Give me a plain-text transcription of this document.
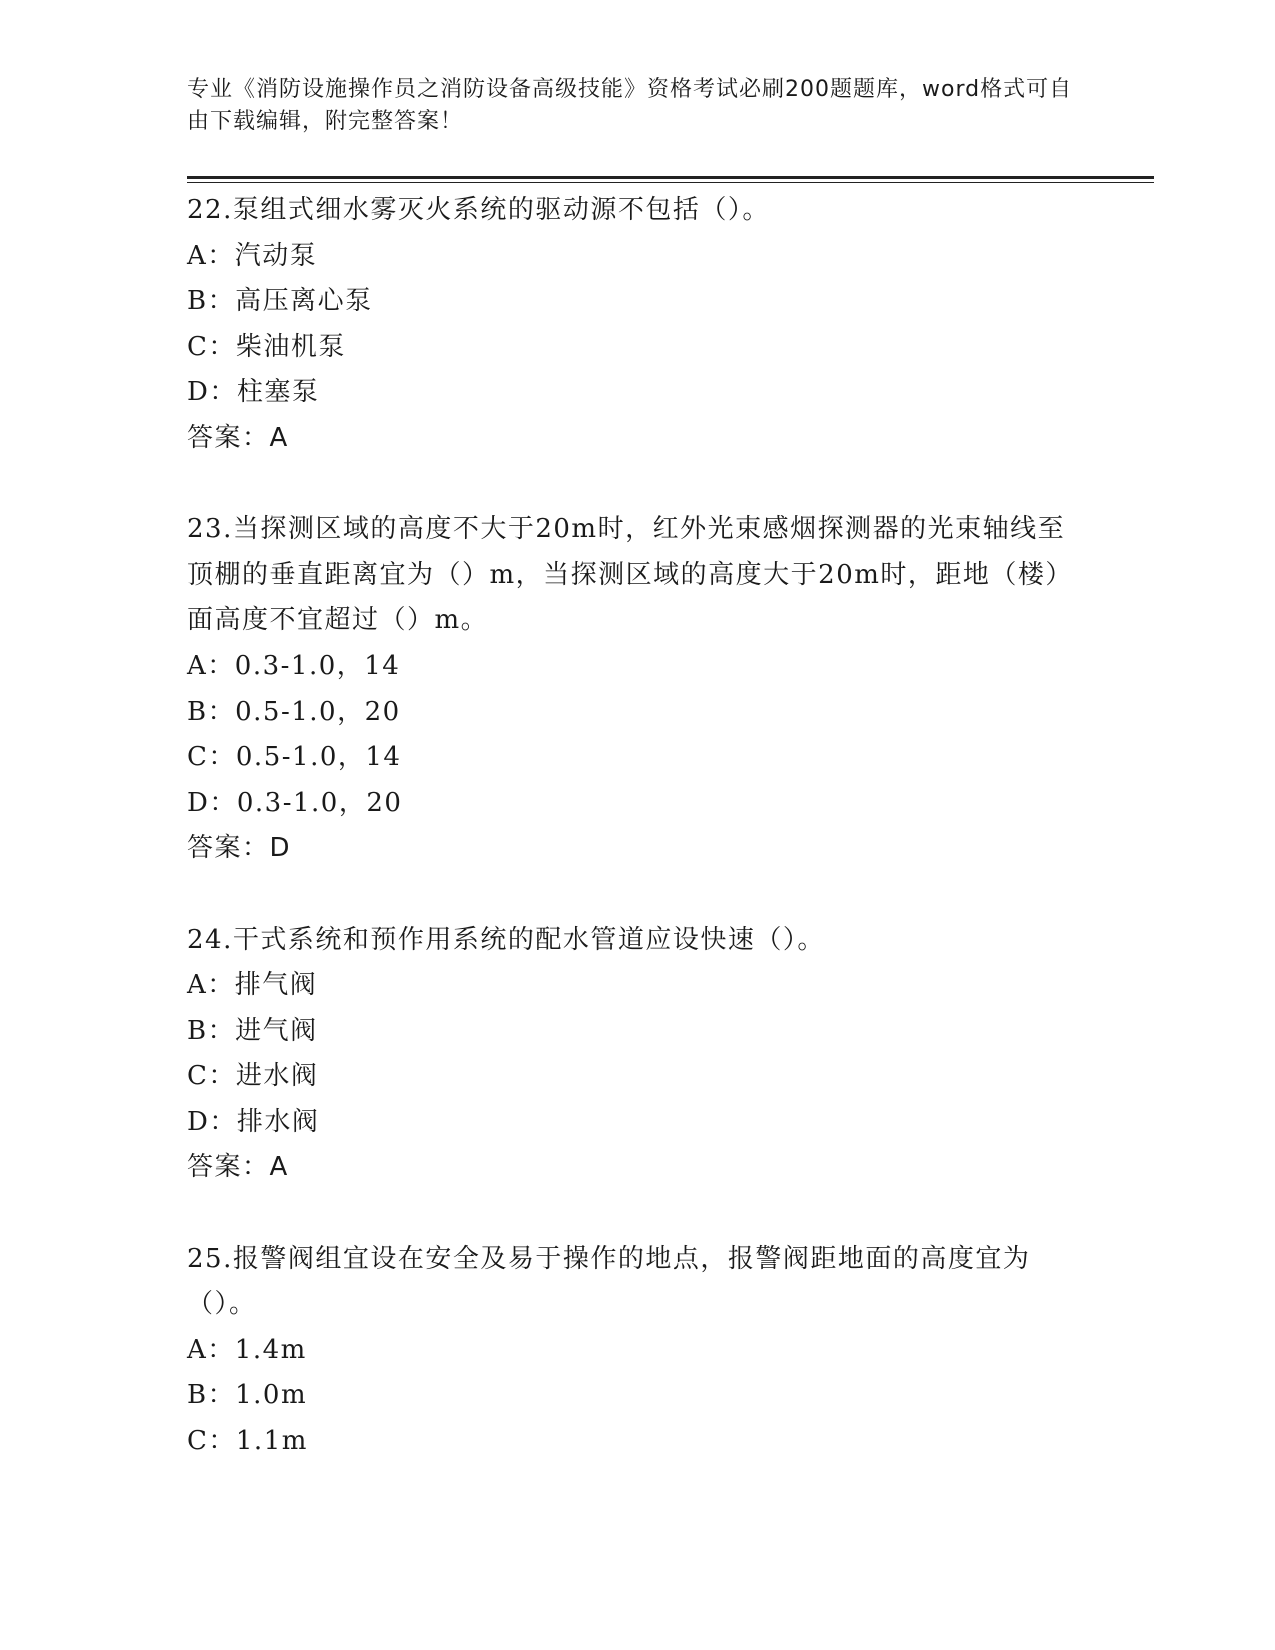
专业《消防设施操作员之消防设备高级技能》资格考试必刷200题题库，word格式可自由下载编辑，附完整答案！
22.泵组式细水雾灭火系统的驱动源不包括（）。
A：汽动泵
B：高压离心泵
C：柴油机泵
D：柱塞泵
答案：A
23.当探测区域的高度不大于20m时，红外光束感烟探测器的光束轴线至顶棚的垂直距离宜为（）m，当探测区域的高度大于20m时，距地（楼）面高度不宜超过（）m。
A：0.3-1.0，14
B：0.5-1.0，20
C：0.5-1.0，14
D：0.3-1.0，20
答案：D
24.干式系统和预作用系统的配水管道应设快速（）。
A：排气阀
B：进气阀
C：进水阀
D：排水阀
答案：A
25.报警阀组宜设在安全及易于操作的地点，报警阀距地面的高度宜为（）。
A：1.4m
B：1.0m
C：1.1m
